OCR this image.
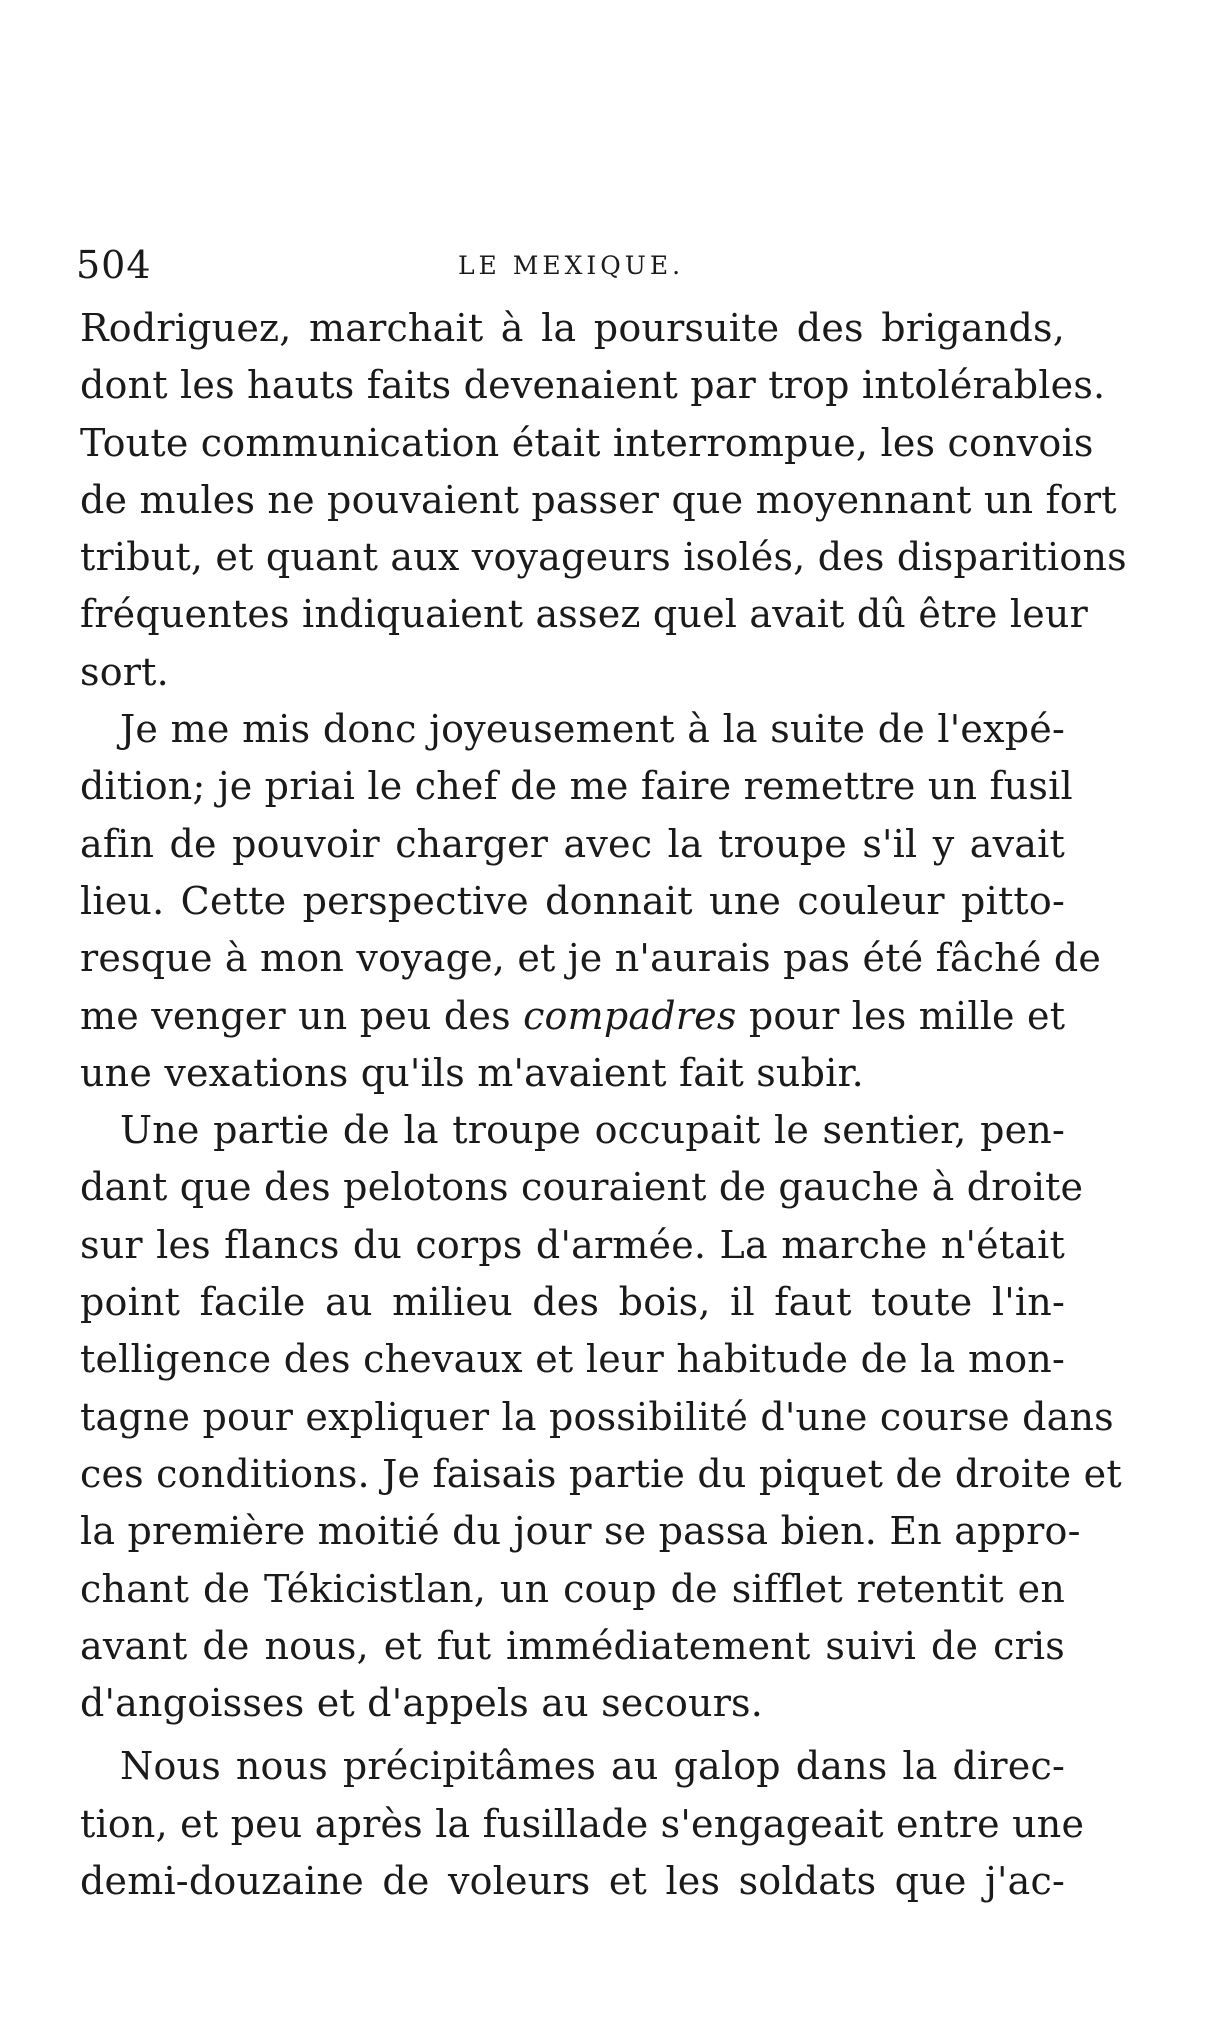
504	LE MEXIQUE.
Rodriguez, marchait à la poursuite des brigands,
dont les hauts faits devenaient par trop intolérables.
Toute communication était interrompue, les convois
de mules ne pouvaient passer que moyennant un fort
tribut, et quant aux voyageurs isolés, des disparitions
fréquentes indiquaient assez quel avait dû être leur
sort.
Je me mis donc joyeusement à la suite de l'expé-
dition; je priai le chef de me faire remettre un fusil
afin de pouvoir charger avec la troupe s'il y avait
lieu. Cette perspective donnait une couleur pitto-
resque à mon voyage, et je n'aurais pas été fâché de
me venger un peu des compadres pour les mille et
une vexations qu'ils m'avaient fait subir.
Une partie de la troupe occupait le sentier, pen-
dant que des pelotons couraient de gauche à droite
sur les flancs du corps d'armée. La marche n'était
point facile au milieu des bois, il faut toute l'in-
telligence des chevaux et leur habitude de la mon-
tagne pour expliquer la possibilité d'une course dans
ces conditions. Je faisais partie du piquet de droite et
la première moitié du jour se passa bien. En appro-
chant de Tékicistlan, un coup de sifflet retentit en
avant de nous, et fut immédiatement suivi de cris
d'angoisses et d'appels au secours.
Nous nous précipitâmes au galop dans la direc-
tion, et peu après la fusillade s'engageait entre une
demi-douzaine de voleurs et les soldats que j'ac-
